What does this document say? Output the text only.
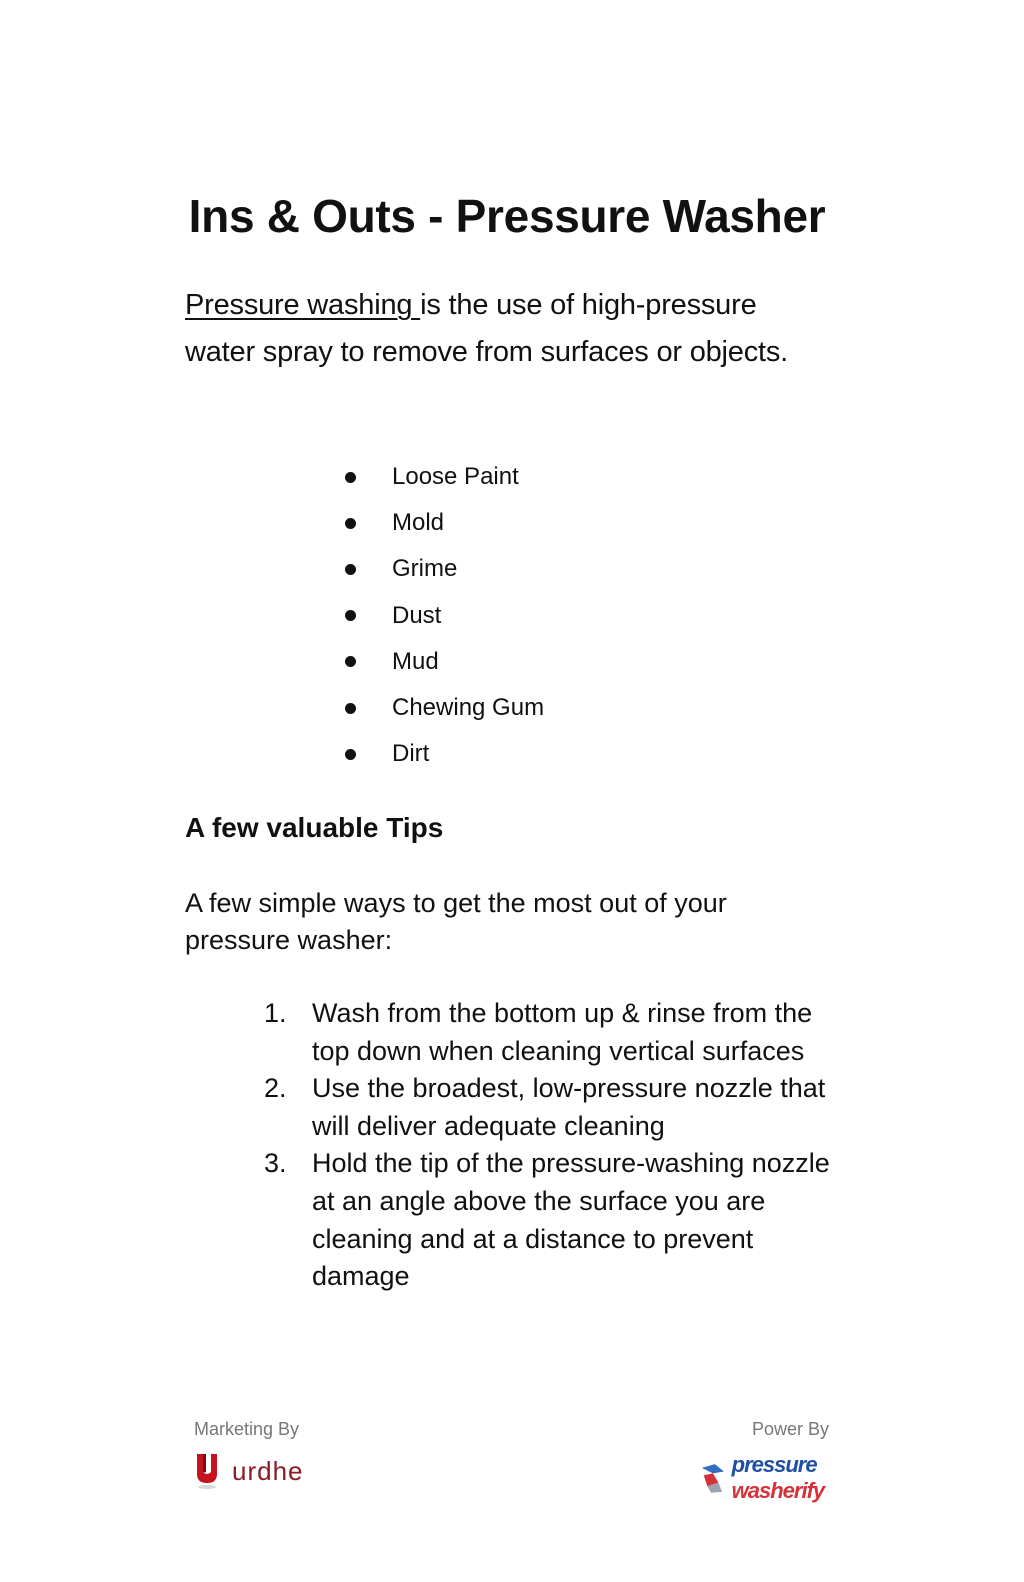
Ins & Outs - Pressure Washer

Pressure washing is the use of high-pressure water spray to remove from surfaces or objects.

Loose Paint
Mold
Grime
Dust
Mud
Chewing Gum
Dirt
A few valuable Tips

A few simple ways to get the most out of your pressure washer:

1. Wash from the bottom up & rinse from the top down when cleaning vertical surfaces
2. Use the broadest, low-pressure nozzle that will deliver adequate cleaning
3. Hold the tip of the pressure-washing nozzle at an angle above the surface you are cleaning and at a distance to prevent damage

Marketing By

urdhe

Power By

pressure washerify
